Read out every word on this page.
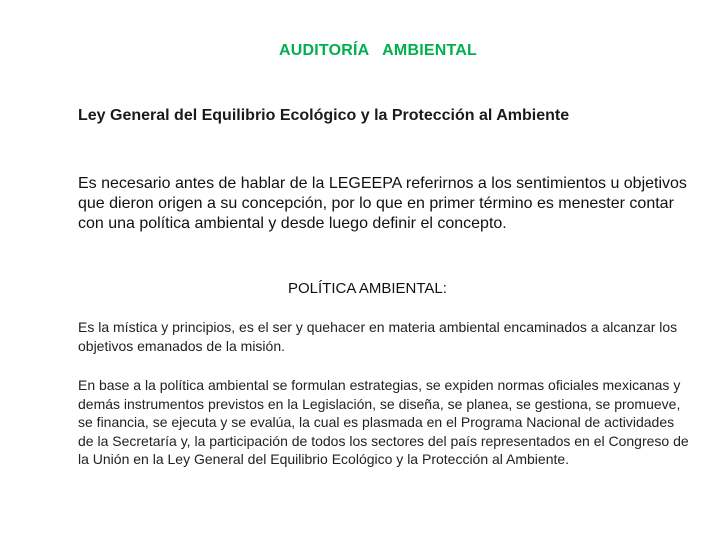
AUDITORÍA   AMBIENTAL
Ley General del Equilibrio Ecológico y la Protección al Ambiente
Es necesario antes de hablar de la LEGEEPA referirnos a los sentimientos u objetivos que dieron origen a su concepción, por lo que en primer término es menester contar con una política ambiental y desde luego definir el concepto.
POLÍTICA AMBIENTAL:
Es la mística y principios, es el ser y quehacer en materia ambiental encaminados a alcanzar los objetivos emanados de la misión.
En base a la política ambiental se formulan estrategias, se expiden normas oficiales mexicanas y demás instrumentos previstos en la Legislación, se diseña, se planea, se gestiona, se promueve, se financia, se ejecuta y se evalúa, la cual es plasmada en el Programa Nacional de actividades de la Secretaría y, la participación de todos los sectores del país representados en el Congreso de la Unión en la Ley General del Equilibrio Ecológico y la Protección al Ambiente.
